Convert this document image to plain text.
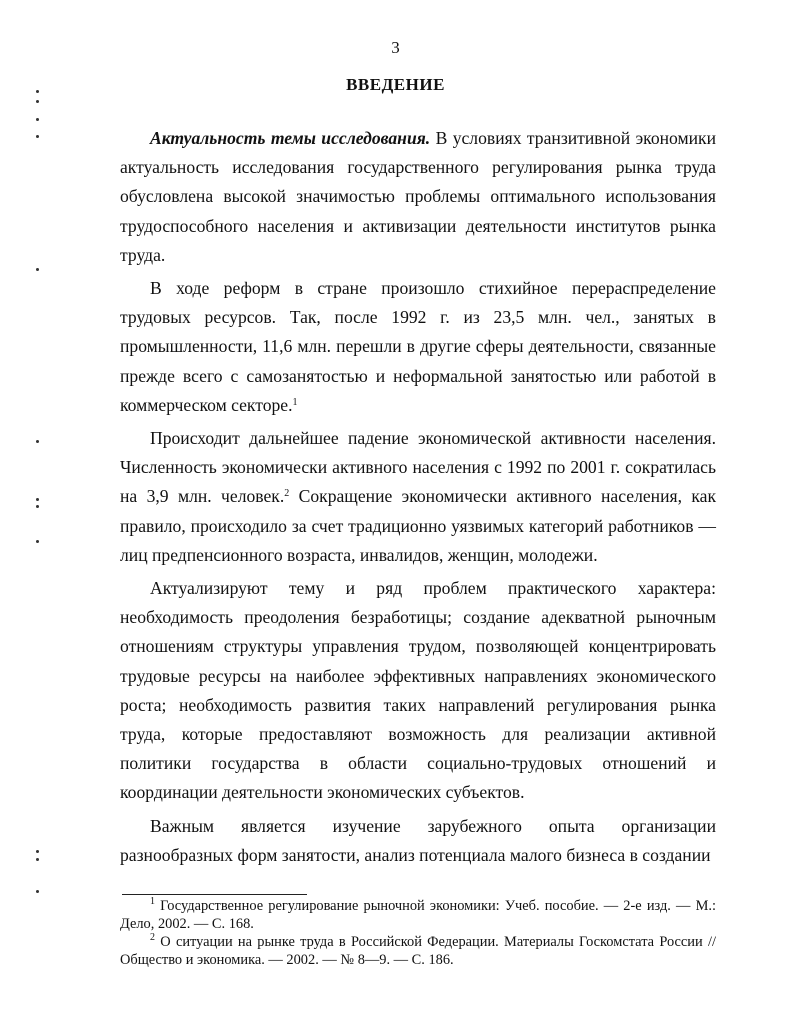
3
ВВЕДЕНИЕ

Актуальность темы исследования. В условиях транзитивной экономики актуальность исследования государственного регулирования рынка труда обусловлена высокой значимостью проблемы оптимального использования трудоспособного населения и активизации деятельности институтов рынка труда.

В ходе реформ в стране произошло стихийное перераспределение трудовых ресурсов. Так, после 1992 г. из 23,5 млн. чел., занятых в промышленности, 11,6 млн. перешли в другие сферы деятельности, связанные прежде всего с самозанятостью и неформальной занятостью или работой в коммерческом секторе.$^1$

Происходит дальнейшее падение экономической активности населения. Численность экономически активного населения с 1992 по 2001 г. сократилась на 3,9 млн. человек.$^2$ Сокращение экономически активного населения, как правило, происходило за счет традиционно уязвимых категорий работников — лиц предпенсионного возраста, инвалидов, женщин, молодежи.

Актуализируют тему и ряд проблем практического характера: необходимость преодоления безработицы; создание адекватной рыночным отношениям структуры управления трудом, позволяющей концентрировать трудовые ресурсы на наиболее эффективных направлениях экономического роста; необходимость развития таких направлений регулирования рынка труда, которые предоставляют возможность для реализации активной политики государства в области социально-трудовых отношений и координации деятельности экономических субъектов.

Важным является изучение зарубежного опыта организации разнообразных форм занятости, анализ потенциала малого бизнеса в создании

$^1$ Государственное регулирование рыночной экономики: Учеб. пособие. — 2-е изд. — М.: Дело, 2002. — С. 168.

$^2$ О ситуации на рынке труда в Российской Федерации. Материалы Госкомстата России // Общество и экономика. — 2002. — № 8—9. — С. 186.
